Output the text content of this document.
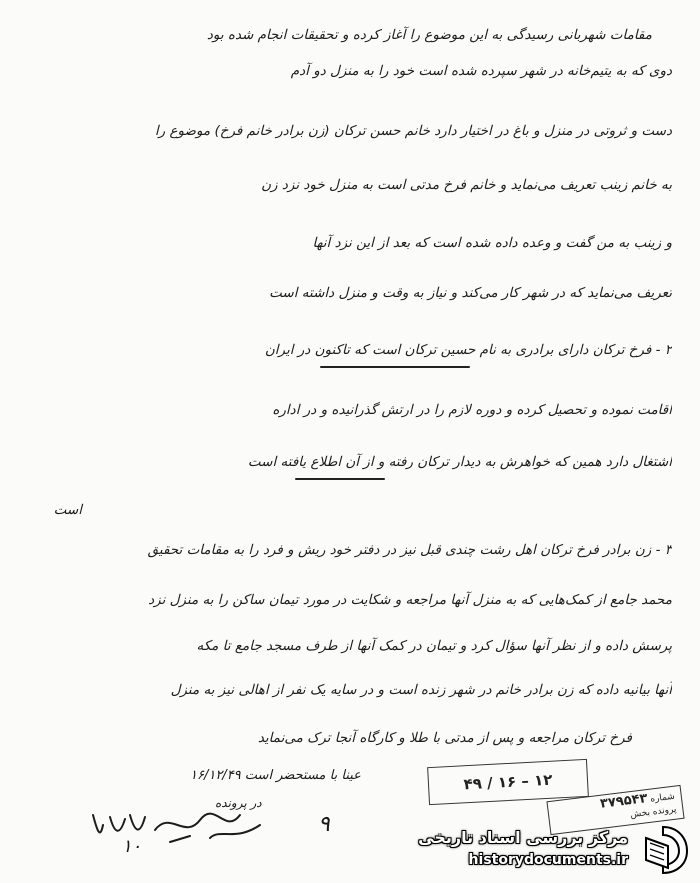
مقامات شهربانی رسیدگی به این موضوع را آغاز کرده و تحقیقات انجام شده بود
دوی که به یتیم‌خانه در شهر سپرده شده است خود را به منزل دو آدم
دست و ثروتی در منزل و باغ در اختیار دارد خانم حسن ترکان (زن برادر خانم فرخ) موضوع را
به خانم زینب تعریف می‌نماید و خانم فرخ مدتی است به منزل خود نزد زن
و زینب به من گفت و وعده داده شده است که بعد از این نزد آنها
تعریف می‌نماید که در شهر کار می‌کند و نیاز به وقت و منزل داشته است
۲ - فرخ ترکان دارای برادری به نام حسین ترکان است که تاکنون در ایران
اقامت نموده و تحصیل کرده و دوره لازم را در ارتش گذرانیده و در اداره
اشتغال دارد همین که خواهرش به دیدار ترکان رفته و از آن اطلاع یافته است
است
۳ - زن برادر فرخ ترکان اهل رشت چندی قبل نیز در دفتر خود ریش و فرد را به مقامات تحقیق
محمد جامع از کمک‌هایی که به منزل آنها مراجعه و شکایت در مورد تیمان ساکن را به منزل نزد
پرسش داده و از نظر آنها سؤال کرد و تیمان در کمک آنها از طرف مسجد جامع تا مکه
آنها بیانیه داده که زن برادر خانم در شهر زنده است و در سایه یک نفر از اهالی نیز به منزل
فرخ ترکان مراجعه و پس از مدتی با طلا و کارگاه آنجا ترک می‌نماید
عینا با مستحضر است ۱۶/۱۲/۴۹
در پرونده
۹
۱۰
۱۲ – ۱۶ / ۴۹
شماره ۳۷۹۵۴۳
پرونده بخش
مرکز بررسی اسناد تاریخی
historydocuments.ir
